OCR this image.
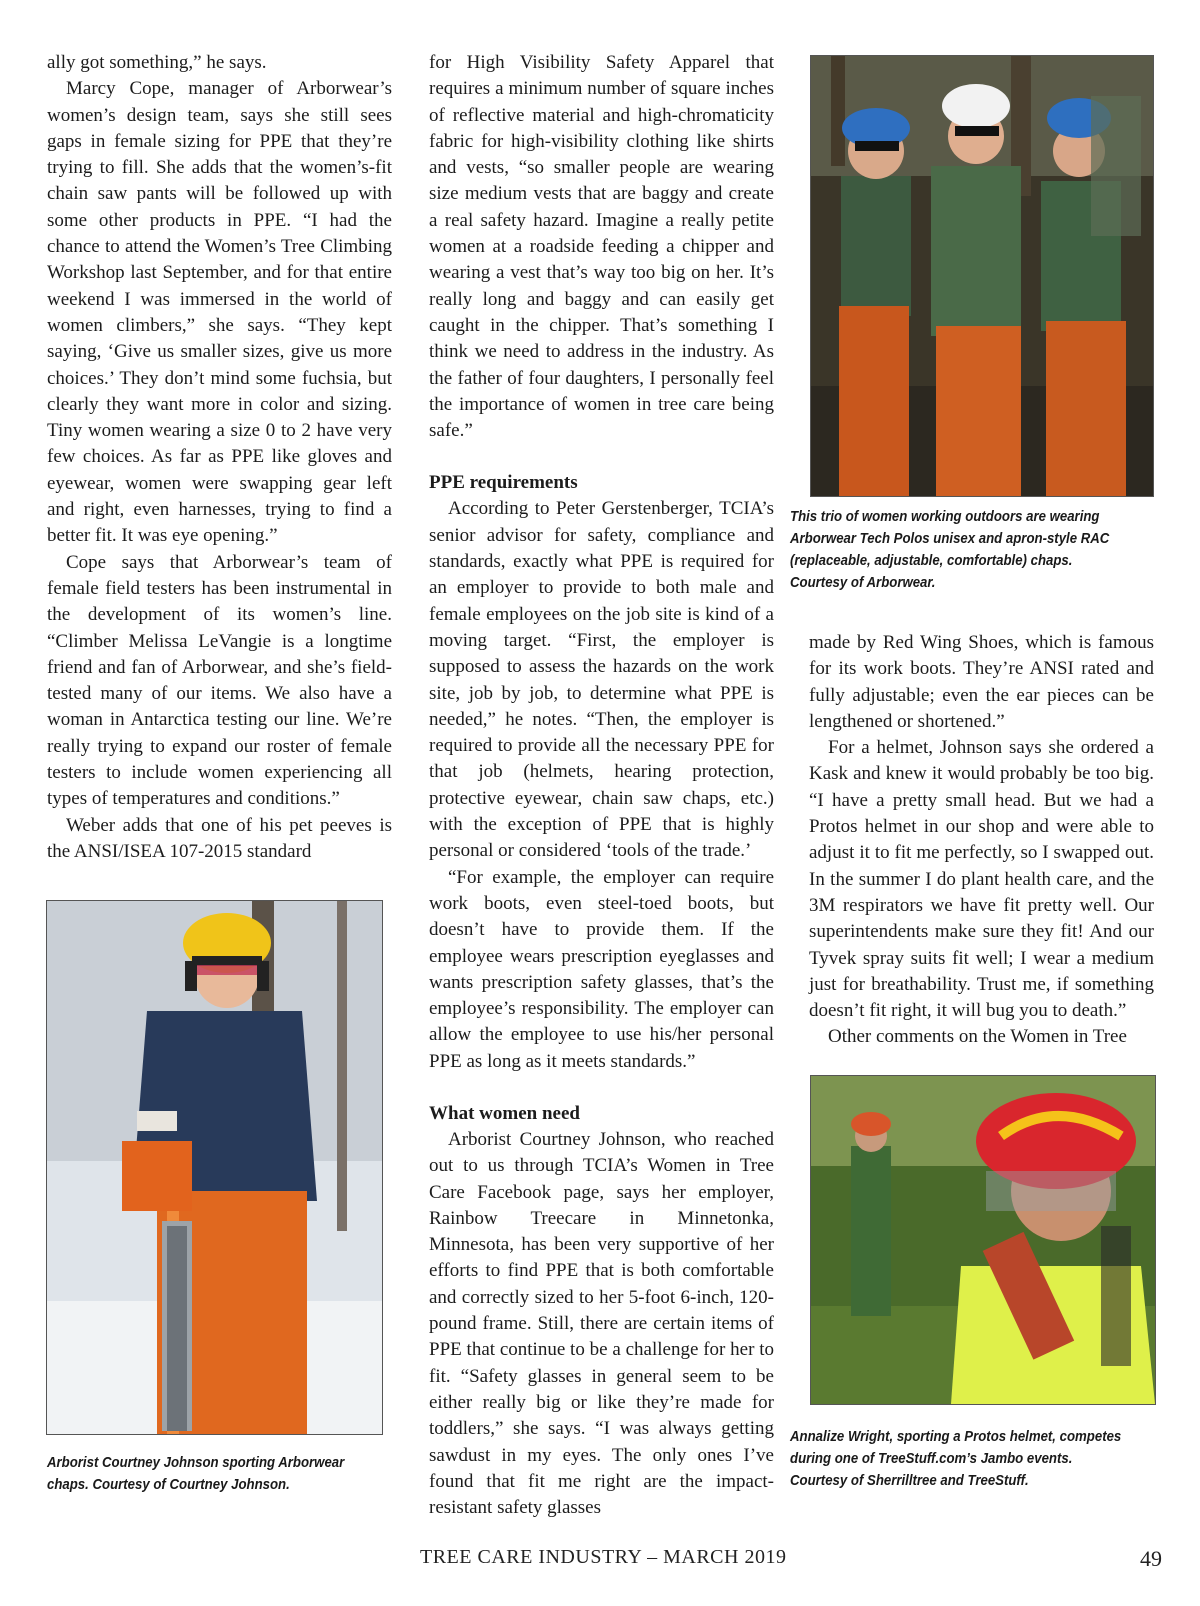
ally got something,” he says.

Marcy Cope, manager of Arborwear’s women’s design team, says she still sees gaps in female sizing for PPE that they’re trying to fill. She adds that the women’s-fit chain saw pants will be followed up with some other products in PPE. “I had the chance to attend the Women’s Tree Climbing Workshop last September, and for that entire weekend I was immersed in the world of women climbers,” she says. “They kept saying, ‘Give us smaller sizes, give us more choices.’ They don’t mind some fuchsia, but clearly they want more in color and sizing. Tiny women wearing a size 0 to 2 have very few choices. As far as PPE like gloves and eyewear, women were swapping gear left and right, even harnesses, trying to find a better fit. It was eye opening.”

Cope says that Arborwear’s team of female field testers has been instrumental in the development of its women’s line. “Climber Melissa LeVangie is a longtime friend and fan of Arborwear, and she’s field-tested many of our items. We also have a woman in Antarctica testing our line. We’re really trying to expand our roster of female testers to include women experiencing all types of temperatures and conditions.”

Weber adds that one of his pet peeves is the ANSI/ISEA 107-2015 standard

for High Visibility Safety Apparel that requires a minimum number of square inches of reflective material and high-chromaticity fabric for high-visibility clothing like shirts and vests, “so smaller people are wearing size medium vests that are baggy and create a real safety hazard. Imagine a really petite women at a roadside feeding a chipper and wearing a vest that’s way too big on her. It’s really long and baggy and can easily get caught in the chipper. That’s something I think we need to address in the industry. As the father of four daughters, I personally feel the importance of women in tree care being safe.”

PPE requirements

According to Peter Gerstenberger, TCIA’s senior advisor for safety, compliance and standards, exactly what PPE is required for an employer to provide to both male and female employees on the job site is kind of a moving target. “First, the employer is supposed to assess the hazards on the work site, job by job, to determine what PPE is needed,” he notes. “Then, the employer is required to provide all the necessary PPE for that job (helmets, hearing protection, protective eyewear, chain saw chaps, etc.) with the exception of PPE that is highly personal or considered ‘tools of the trade.’

“For example, the employer can require work boots, even steel-toed boots, but doesn’t have to provide them. If the employee wears prescription eyeglasses and wants prescription safety glasses, that’s the employee’s responsibility. The employer can allow the employee to use his/her personal PPE as long as it meets standards.”

What women need

Arborist Courtney Johnson, who reached out to us through TCIA’s Women in Tree Care Facebook page, says her employer, Rainbow Treecare in Minnetonka, Minnesota, has been very supportive of her efforts to find PPE that is both comfortable and correctly sized to her 5-foot 6-inch, 120-pound frame. Still, there are certain items of PPE that continue to be a challenge for her to fit. “Safety glasses in general seem to be either really big or like they’re made for toddlers,” she says. “I was always getting sawdust in my eyes. The only ones I’ve found that fit me right are the impact-resistant safety glasses

made by Red Wing Shoes, which is famous for its work boots. They’re ANSI rated and fully adjustable; even the ear pieces can be lengthened or shortened.”

For a helmet, Johnson says she ordered a Kask and knew it would probably be too big. “I have a pretty small head. But we had a Protos helmet in our shop and were able to adjust it to fit me perfectly, so I swapped out. In the summer I do plant health care, and the 3M respirators we have fit pretty well. Our superintendents make sure they fit! And our Tyvek spray suits fit well; I wear a medium just for breathability. Trust me, if something doesn’t fit right, it will bug you to death.”

Other comments on the Women in Tree

This trio of women working outdoors are wearing Arborwear Tech Polos unisex and apron-style RAC (replaceable, adjustable, comfortable) chaps. Courtesy of Arborwear.

Arborist Courtney Johnson sporting Arborwear chaps. Courtesy of Courtney Johnson.

Annalize Wright, sporting a Protos helmet, competes during one of TreeStuff.com’s Jambo events. Courtesy of Sherrilltree and TreeStuff.

TREE CARE INDUSTRY – MARCH 2019	49
